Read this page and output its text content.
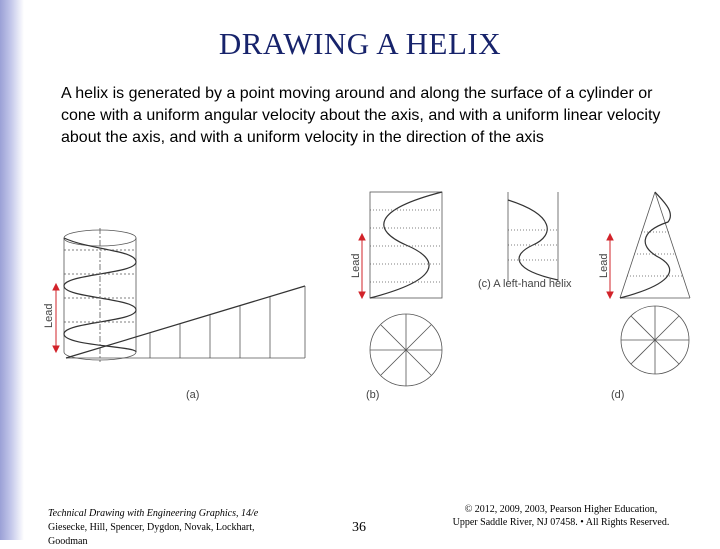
DRAWING A HELIX
A helix is generated by a point moving around and along the surface of a cylinder or cone with a uniform angular velocity about the axis, and with a uniform linear velocity about the axis, and with a uniform velocity in the direction of the axis
Lead
(a)
Lead
(b)
(c) A left-hand helix
Lead
(d)
Technical Drawing with Engineering Graphics, 14/e
Giesecke, Hill, Spencer, Dygdon, Novak, Lockhart, Goodman
36
© 2012, 2009, 2003, Pearson Higher Education,
Upper Saddle River, NJ 07458. • All Rights Reserved.
